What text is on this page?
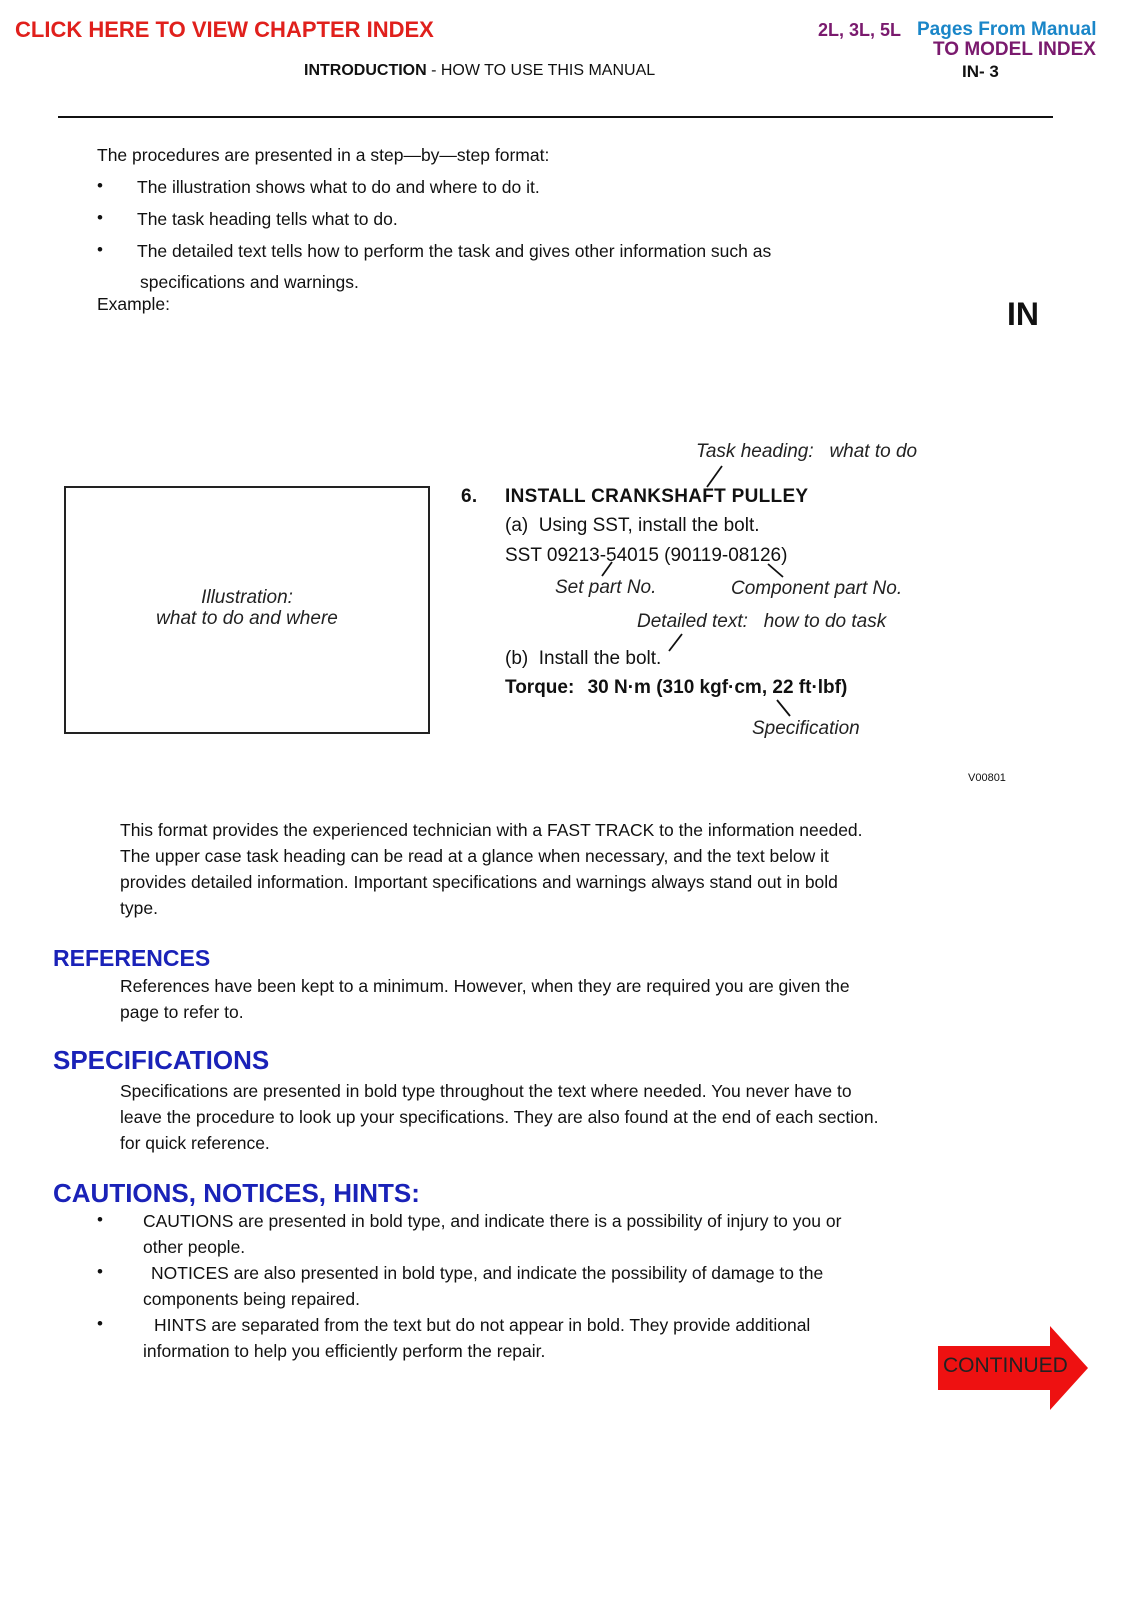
CLICK HERE TO VIEW CHAPTER INDEX	2L, 3L, 5L Pages From Manual
TO MODEL INDEX
INTRODUCTION - HOW TO USE THIS MANUAL	IN- 3
IN
The procedures are presented in a step—by—step format:
• The illustration shows what to do and where to do it.
• The task heading tells what to do.
• The detailed text tells how to perform the task and gives other information such as
specifications and warnings.
Example:
Illustration:
what to do and where
Task heading:   what to do
6. INSTALL CRANKSHAFT PULLEY
(a)  Using SST, install the bolt.
SST 09213-54015 (90119-08126)
Set part No.	Component part No.
Detailed text:   how to do task
(b)  Install the bolt.
Torque: 30 N·m (310 kgf·cm, 22 ft·lbf)
Specification
V00801
This format provides the experienced technician with a FAST TRACK to the information needed.
The upper case task heading can be read at a glance when necessary, and the text below it
provides detailed information. Important specifications and warnings always stand out in bold
type.
REFERENCES
References have been kept to a minimum. However, when they are required you are given the
page to refer to.
SPECIFICATIONS
Specifications are presented in bold type throughout the text where needed. You never have to
leave the procedure to look up your specifications. They are also found at the end of each section.
for quick reference.
CAUTIONS, NOTICES, HINTS:
• CAUTIONS are presented in bold type, and indicate there is a possibility of injury to you or
other people.
•	NOTICES are also presented in bold type, and indicate the possibility of damage to the
components being repaired.
•	HINTS are separated from the text but do not appear in bold. They provide additional
information to help you efficiently perform the repair.
CONTINUED
